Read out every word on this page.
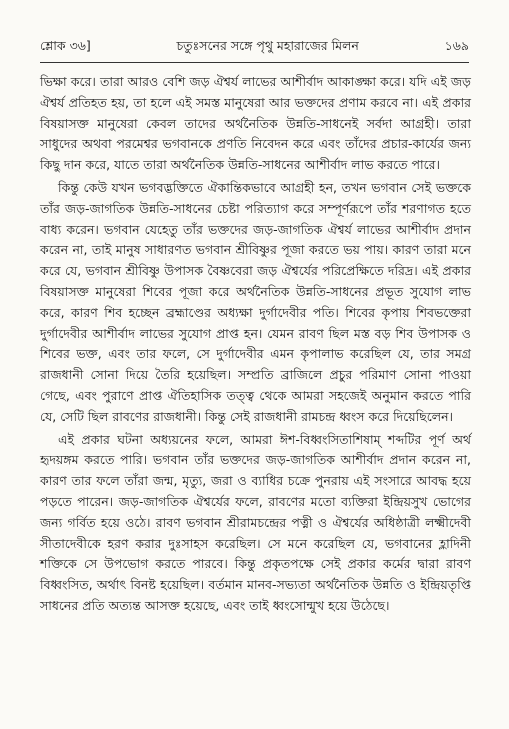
শ্লোক ৩৬]	চতুঃসনের সঙ্গে পৃথু মহারাজের মিলন	১৬৯

ভিক্ষা করে। তারা আরও বেশি জড় ঐশ্বর্য লাভের আশীর্বাদ আকাঙ্ক্ষা করে। যদি এই জড় ঐশ্বর্য প্রতিহত হয়, তা হলে এই সমস্ত মানুষেরা আর ভক্তদের প্রণাম করবে না। এই প্রকার বিষয়াসক্ত মানুষেরা কেবল তাদের অর্থনৈতিক উন্নতি-সাধনেই সর্বদা আগ্রহী। তারা সাধুদের অথবা পরমেশ্বর ভগবানকে প্রণতি নিবেদন করে এবং তাঁদের প্রচার-কার্যের জন্য কিছু দান করে, যাতে তারা অর্থনৈতিক উন্নতি-সাধনের আশীর্বাদ লাভ করতে পারে।

কিন্তু কেউ যখন ভগবদ্ভক্তিতে ঐকান্তিকভাবে আগ্রহী হন, তখন ভগবান সেই ভক্তকে তাঁর জড়-জাগতিক উন্নতি-সাধনের চেষ্টা পরিত্যাগ করে সম্পূর্ণরূপে তাঁর শরণাগত হতে বাধ্য করেন। ভগবান যেহেতু তাঁর ভক্তদের জড়-জাগতিক ঐশ্বর্য লাভের আশীর্বাদ প্রদান করেন না, তাই মানুষ সাধারণত ভগবান শ্রীবিষ্ণুর পূজা করতে ভয় পায়। কারণ তারা মনে করে যে, ভগবান শ্রীবিষ্ণু উপাসক বৈষ্ণবেরা জড় ঐশ্বর্যের পরিপ্রেক্ষিতে দরিদ্র। এই প্রকার বিষয়াসক্ত মানুষেরা শিবের পূজা করে অর্থনৈতিক উন্নতি-সাধনের প্রভূত সুযোগ লাভ করে, কারণ শিব হচ্ছেন ব্রহ্মাণ্ডের অধ্যক্ষা দুর্গাদেবীর পতি। শিবের কৃপায় শিবভক্তেরা দুর্গাদেবীর আশীর্বাদ লাভের সুযোগ প্রাপ্ত হন। যেমন রাবণ ছিল মস্ত বড় শিব উপাসক ও শিবের ভক্ত, এবং তার ফলে, সে দুর্গাদেবীর এমন কৃপালাভ করেছিল যে, তার সমগ্র রাজধানী সোনা দিয়ে তৈরি হয়েছিল। সম্প্রতি ব্রাজিলে প্রচুর পরিমাণ সোনা পাওয়া গেছে, এবং পুরাণে প্রাপ্ত ঐতিহাসিক তত্ত্ব থেকে আমরা সহজেই অনুমান করতে পারি যে, সেটি ছিল রাবণের রাজধানী। কিন্তু সেই রাজধানী রামচন্দ্র ধ্বংস করে দিয়েছিলেন।

এই প্রকার ঘটনা অধ্যয়নের ফলে, আমরা ঈশ-বিধ্বংসিতাশিষাম্ শব্দটির পূর্ণ অর্থ হৃদয়ঙ্গম করতে পারি। ভগবান তাঁর ভক্তদের জড়-জাগতিক আশীর্বাদ প্রদান করেন না, কারণ তার ফলে তাঁরা জন্ম, মৃত্যু, জরা ও ব্যাধির চক্রে পুনরায় এই সংসারে আবদ্ধ হয়ে পড়তে পারেন। জড়-জাগতিক ঐশ্বর্যের ফলে, রাবণের মতো ব্যক্তিরা ইন্দ্রিয়সুখ ভোগের জন্য গর্বিত হয়ে ওঠে। রাবণ ভগবান শ্রীরামচন্দ্রের পত্নী ও ঐশ্বর্যের অধিষ্ঠাত্রী লক্ষ্মীদেবী সীতাদেবীকে হরণ করার দুঃসাহস করেছিল। সে মনে করেছিল যে, ভগবানের হ্লাদিনী শক্তিকে সে উপভোগ করতে পারবে। কিন্তু প্রকৃতপক্ষে সেই প্রকার কর্মের দ্বারা রাবণ বিধ্বংসিত, অর্থাৎ বিনষ্ট হয়েছিল। বর্তমান মানব-সভ্যতা অর্থনৈতিক উন্নতি ও ইন্দ্রিয়তৃপ্তি সাধনের প্রতি অত্যন্ত আসক্ত হয়েছে, এবং তাই ধ্বংসোন্মুখ হয়ে উঠেছে।
